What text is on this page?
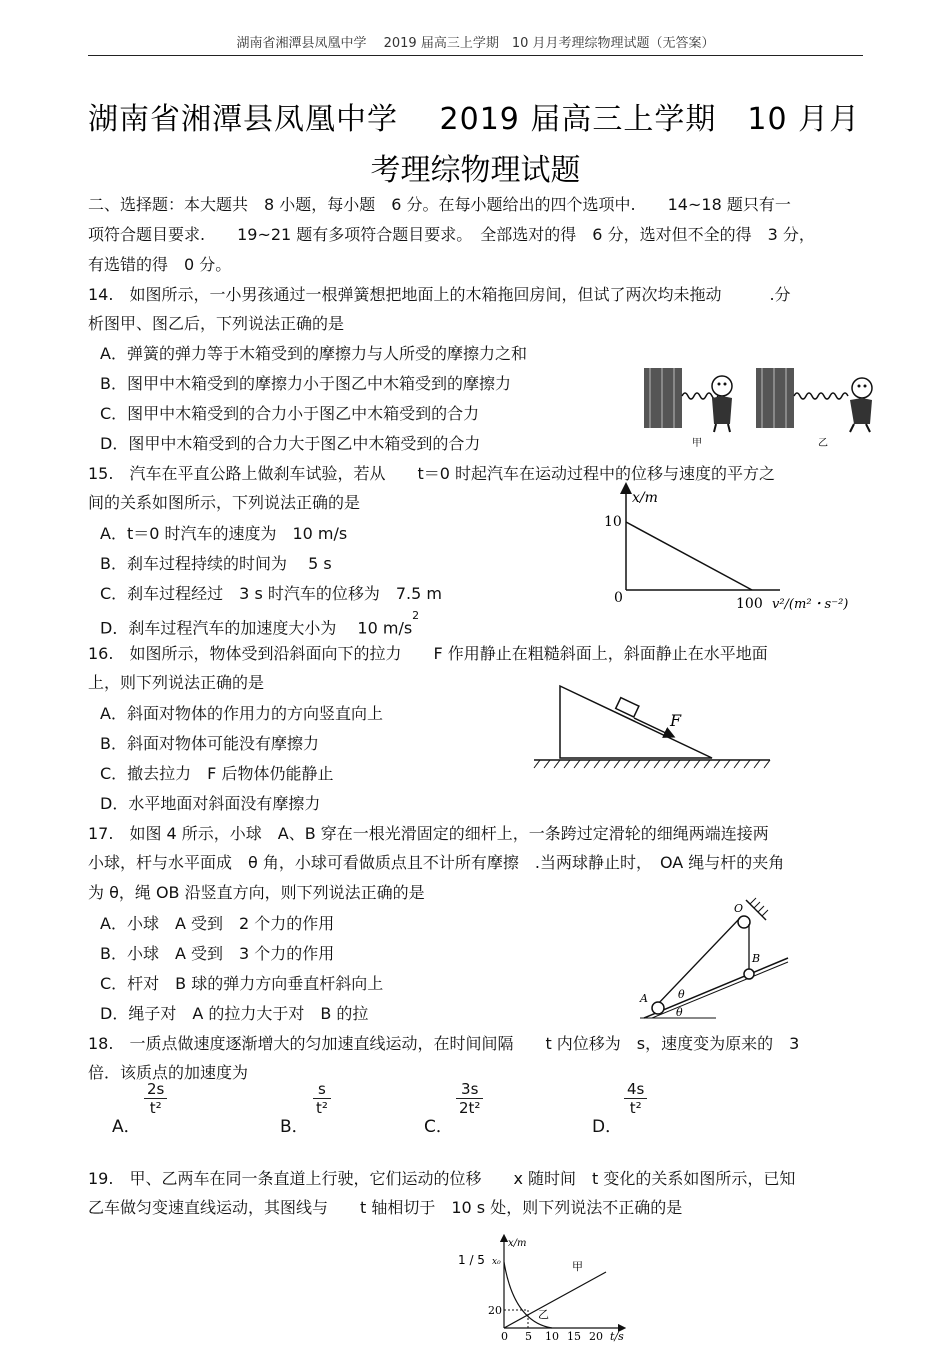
湖南省湘潭县凤凰中学　 2019 届高三上学期　10 月月考理综物理试题（无答案）
湖南省湘潭县凤凰中学　 2019 届高三上学期　10 月月
考理综物理试题
二、选择题：本大题共　8 小题，每小题　6 分。在每小题给出的四个选项中.　　14~18 题只有一
项符合题目要求.　　19~21 题有多项符合题目要求。　全部选对的得　6 分，选对但不全的得　3 分，
有选错的得　0 分。
14.　如图所示，一小男孩通过一根弹簧想把地面上的木箱拖回房间，但试了两次均未拖动　　　.分
析图甲、图乙后，下列说法正确的是
A．弹簧的弹力等于木箱受到的摩擦力与人所受的摩擦力之和
B．图甲中木箱受到的摩擦力小于图乙中木箱受到的摩擦力
C．图甲中木箱受到的合力小于图乙中木箱受到的合力
D．图甲中木箱受到的合力大于图乙中木箱受到的合力	甲	乙
15.　汽车在平直公路上做刹车试验，若从　　t＝0 时起汽车在运动过程中的位移与速度的平方之
间的关系如图所示，下列说法正确的是
A．t＝0 时汽车的速度为　10 m/s
B．刹车过程持续的时间为　 5 s
C．刹车过程经过　3 s 时汽车的位移为　7.5 m
D．刹车过程汽车的加速度大小为　 10 $m/s^2$
x/m
10
0	100 v²/(m²・s⁻²)
16.　如图所示，物体受到沿斜面向下的拉力　　F 作用静止在粗糙斜面上，斜面静止在水平地面
上，则下列说法正确的是
A．斜面对物体的作用力的方向竖直向上
B．斜面对物体可能没有摩擦力
C．撤去拉力　F 后物体仍能静止
D．水平地面对斜面没有摩擦力
F
17.　如图 4 所示，小球　A、B 穿在一根光滑固定的细杆上，一条跨过定滑轮的细绳两端连接两
小球，杆与水平面成　θ 角，小球可看做质点且不计所有摩擦　.当两球静止时，　OA 绳与杆的夹角
为 θ，绳 OB 沿竖直方向，则下列说法正确的是
A．小球　A 受到　2 个力的作用
B．小球　A 受到　3 个力的作用
C．杆对　B 球的弹力方向垂直杆斜向上
D．绳子对　A 的拉力大于对　B 的拉
O
A
B
θ
θ
18.　一质点做速度逐渐增大的匀加速直线运动，在时间间隔　　t 内位移为　s，速度变为原来的　3
倍．该质点的加速度为
A．
$\frac{2s}{\text{t²}}$
B．
$\frac{s}{\text{t²}}$
C．
$\frac{3s}{\text{2t²}}$
D．
$\frac{4s}{\text{t²}}$
19.　甲、乙两车在同一条直道上行驶，它们运动的位移　　x 随时间　t 变化的关系如图所示，已知
乙车做匀变速直线运动，其图线与　　t 轴相切于　10 s 处，则下列说法不正确的是
1 / 5 x₀
x/m
20
0 5 10 15 20 t/s
甲
乙
